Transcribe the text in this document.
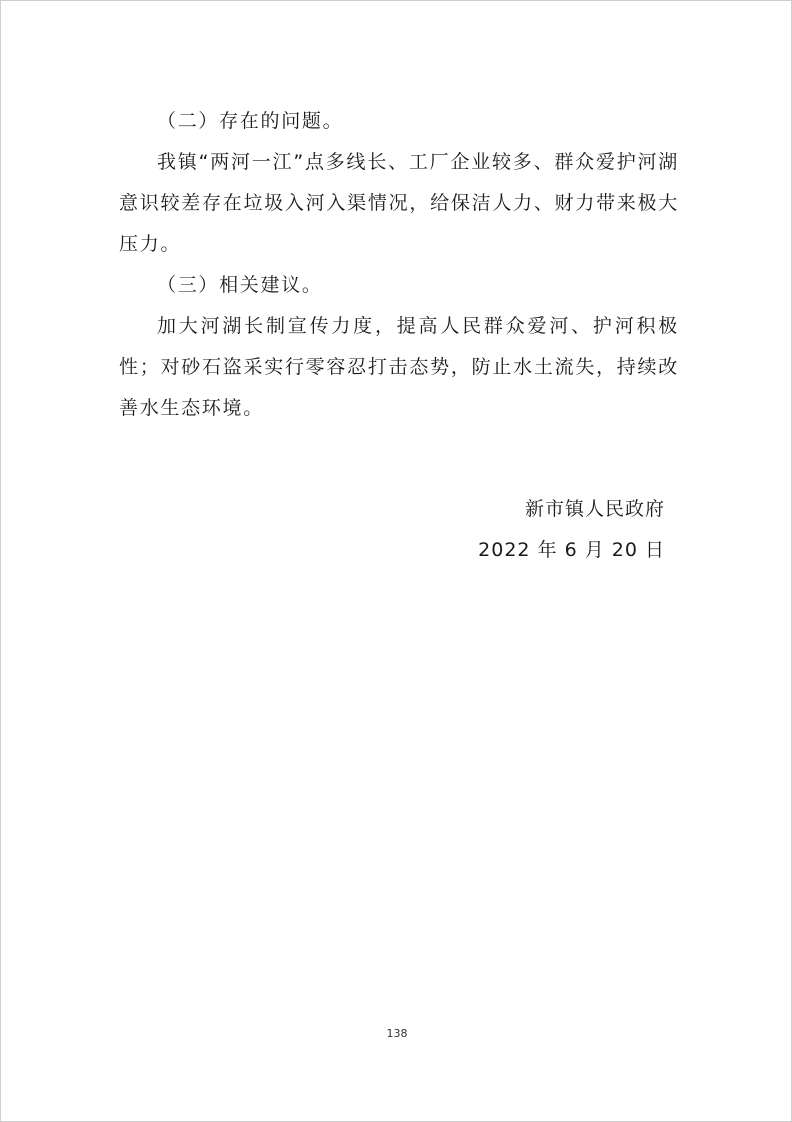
（二）存在的问题。

我镇“两河一江”点多线长、工厂企业较多、群众爱护河湖意识较差存在垃圾入河入渠情况，给保洁人力、财力带来极大压力。

（三）相关建议。

加大河湖长制宣传力度，提高人民群众爱河、护河积极性；对砂石盗采实行零容忍打击态势，防止水土流失，持续改善水生态环境。

新市镇人民政府
2022 年 6 月 20 日
138
